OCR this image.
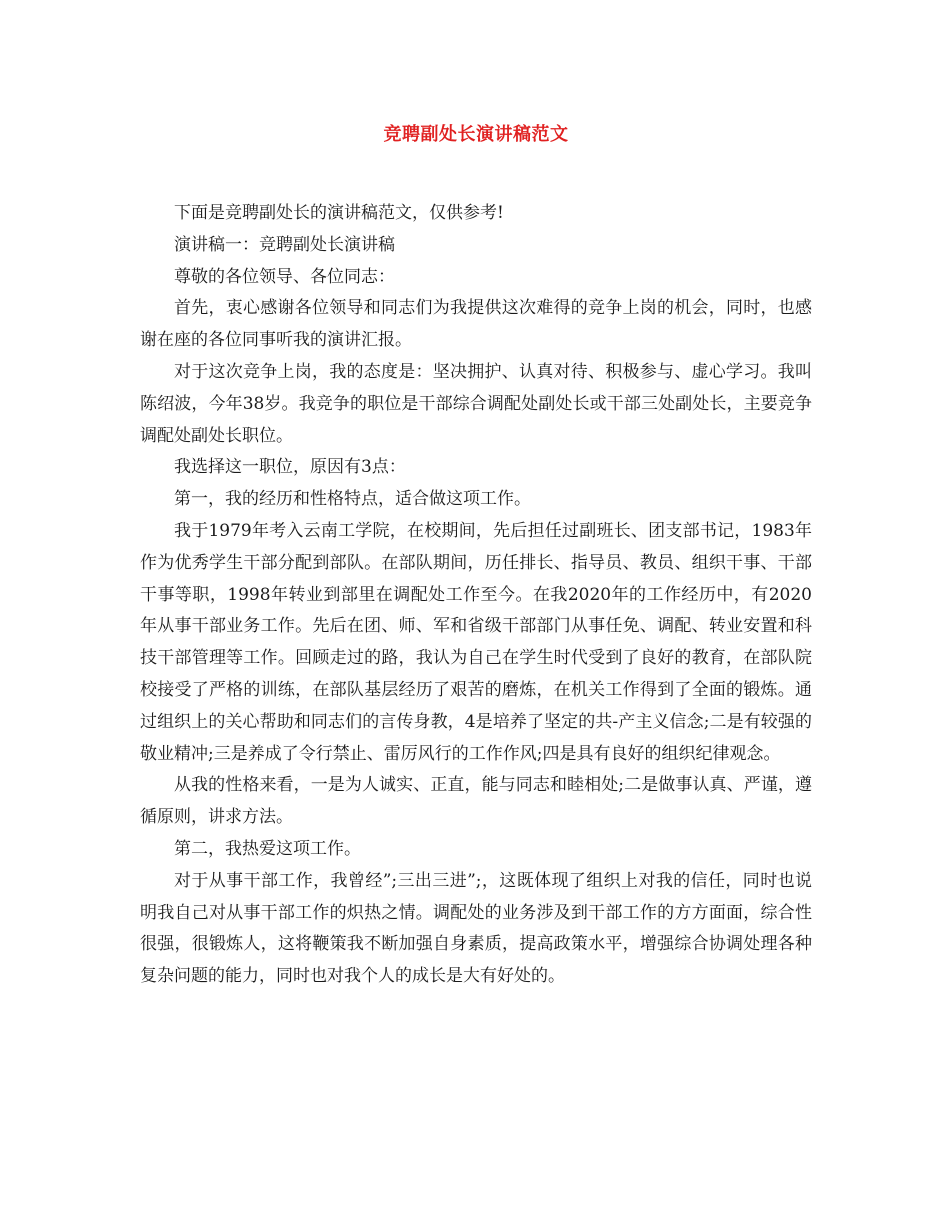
竞聘副处长演讲稿范文

下面是竞聘副处长的演讲稿范文，仅供参考!

演讲稿一：竞聘副处长演讲稿

尊敬的各位领导、各位同志：

首先，衷心感谢各位领导和同志们为我提供这次难得的竞争上岗的机会，同时，也感谢在座的各位同事听我的演讲汇报。

对于这次竞争上岗，我的态度是：坚决拥护、认真对待、积极参与、虚心学习。我叫陈绍波，今年38岁。我竞争的职位是干部综合调配处副处长或干部三处副处长，主要竞争调配处副处长职位。

我选择这一职位，原因有3点：

第一，我的经历和性格特点，适合做这项工作。

我于1979年考入云南工学院，在校期间，先后担任过副班长、团支部书记，1983年作为优秀学生干部分配到部队。在部队期间，历任排长、指导员、教员、组织干事、干部干事等职，1998年转业到部里在调配处工作至今。在我2020年的工作经历中，有2020年从事干部业务工作。先后在团、师、军和省级干部部门从事任免、调配、转业安置和科技干部管理等工作。回顾走过的路，我认为自己在学生时代受到了良好的教育，在部队院校接受了严格的训练，在部队基层经历了艰苦的磨炼，在机关工作得到了全面的锻炼。通过组织上的关心帮助和同志们的言传身教，4是培养了坚定的共-产主义信念;二是有较强的敬业精冲;三是养成了令行禁止、雷厉风行的工作作风;四是具有良好的组织纪律观念。

从我的性格来看，一是为人诚实、正直，能与同志和睦相处;二是做事认真、严谨，遵循原则，讲求方法。

第二，我热爱这项工作。

对于从事干部工作，我曾经”;三出三进”;，这既体现了组织上对我的信任，同时也说明我自己对从事干部工作的炽热之情。调配处的业务涉及到干部工作的方方面面，综合性很强，很锻炼人，这将鞭策我不断加强自身素质，提高政策水平，增强综合协调处理各种复杂问题的能力，同时也对我个人的成长是大有好处的。
